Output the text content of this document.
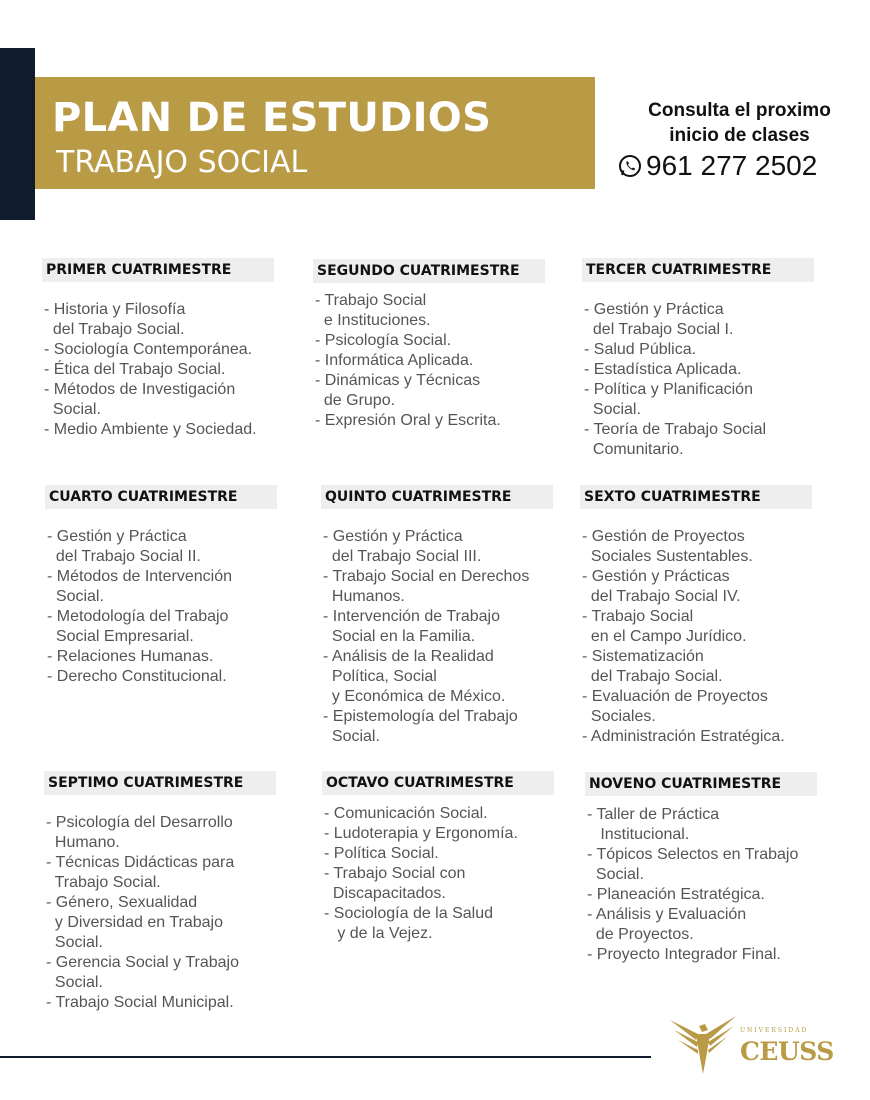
PLAN DE ESTUDIOS
TRABAJO SOCIAL
Consulta el proximo
inicio de clases
961 277 2502
PRIMER CUATRIMESTRE
- Historia y Filosofía
del Trabajo Social.
- Sociología Contemporánea.
- Ética del Trabajo Social.
- Métodos de Investigación
Social.
- Medio Ambiente y Sociedad.
SEGUNDO CUATRIMESTRE
- Trabajo Social
e Instituciones.
- Psicología Social.
- Informática Aplicada.
- Dinámicas y Técnicas
de Grupo.
- Expresión Oral y Escrita.
TERCER CUATRIMESTRE
- Gestión y Práctica
del Trabajo Social I.
- Salud Pública.
- Estadística Aplicada.
- Política y Planificación
Social.
- Teoría de Trabajo Social
Comunitario.
CUARTO CUATRIMESTRE
- Gestión y Práctica
del Trabajo Social II.
- Métodos de Intervención
Social.
- Metodología del Trabajo
Social Empresarial.
- Relaciones Humanas.
- Derecho Constitucional.
QUINTO CUATRIMESTRE
- Gestión y Práctica
del Trabajo Social III.
- Trabajo Social en Derechos
Humanos.
- Intervención de Trabajo
Social en la Familia.
- Análisis de la Realidad
Política, Social
y Económica de México.
- Epistemología del Trabajo
Social.
SEXTO CUATRIMESTRE
- Gestión de Proyectos
Sociales Sustentables.
- Gestión y Prácticas
del Trabajo Social IV.
- Trabajo Social
en el Campo Jurídico.
- Sistematización
del Trabajo Social.
- Evaluación de Proyectos
Sociales.
- Administración Estratégica.
SEPTIMO CUATRIMESTRE
- Psicología del Desarrollo
Humano.
- Técnicas Didácticas para
Trabajo Social.
- Género, Sexualidad
y Diversidad en Trabajo
Social.
- Gerencia Social y Trabajo
Social.
- Trabajo Social Municipal.
OCTAVO CUATRIMESTRE
- Comunicación Social.
- Ludoterapia y Ergonomía.
- Política Social.
- Trabajo Social con
Discapacitados.
- Sociología de la Salud
y de la Vejez.
NOVENO CUATRIMESTRE
- Taller de Práctica
Institucional.
- Tópicos Selectos en Trabajo
Social.
- Planeación Estratégica.
- Análisis y Evaluación
de Proyectos.
- Proyecto Integrador Final.
UNIVERSIDAD
CEUSS
